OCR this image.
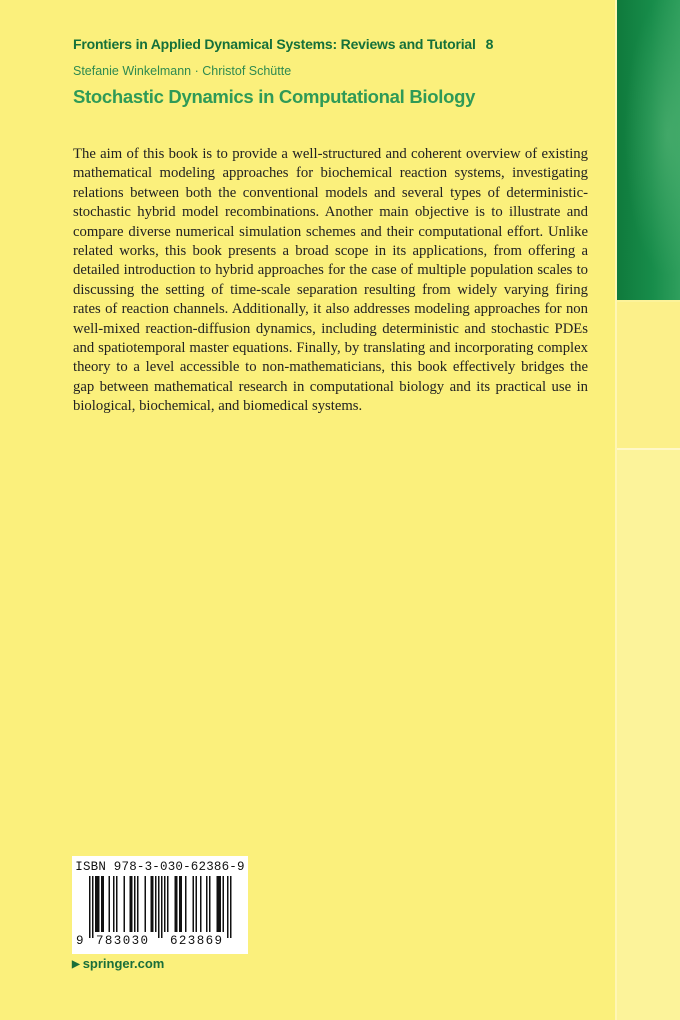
Frontiers in Applied Dynamical Systems: Reviews and Tutorial 8
Stefanie Winkelmann · Christof Schütte
Stochastic Dynamics in Computational Biology

The aim of this book is to provide a well-structured and coherent overview of existing mathematical modeling approaches for biochemical reaction systems, investigating relations between both the conventional models and several types of deterministic-stochastic hybrid model recombinations. Another main objective is to illustrate and compare diverse numerical simulation schemes and their computational effort. Unlike related works, this book presents a broad scope in its applications, from offering a detailed introduction to hybrid approaches for the case of multiple population scales to discussing the setting of time-scale separation resulting from widely varying firing rates of reaction channels. Additionally, it also addresses modeling approaches for non well-mixed reaction-diffusion dynamics, including deterministic and stochastic PDEs and spatiotemporal master equations. Finally, by translating and incorporating complex theory to a level accessible to non-mathematicians, this book effectively bridges the gap between mathematical research in computational biology and its practical use in biological, biochemical, and biomedical systems.

ISBN 978-3-030-62386-9
9 783030 623869
▶ springer.com
